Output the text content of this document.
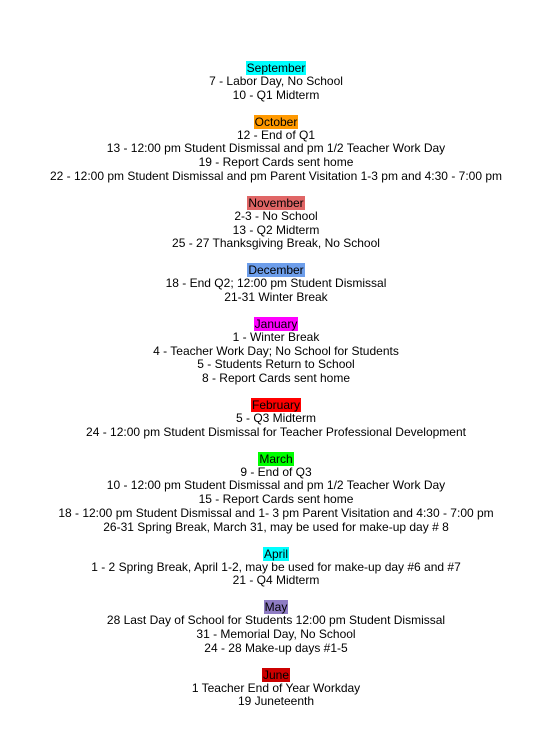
September
7 - Labor Day, No School
10 - Q1 Midterm
October
12 - End of Q1
13 - 12:00 pm Student Dismissal and pm 1/2 Teacher Work Day
19 - Report Cards sent home
22 - 12:00 pm Student Dismissal and pm Parent Visitation 1-3 pm and 4:30 - 7:00 pm
November
2-3 - No School
13 - Q2 Midterm
25 - 27 Thanksgiving Break, No School
December
18 - End Q2; 12:00 pm Student Dismissal
21-31 Winter Break
January
1 - Winter Break
4 - Teacher Work Day; No School for Students
5 - Students Return to School
8 - Report Cards sent home
February
5 - Q3 Midterm
24 - 12:00 pm Student Dismissal for Teacher Professional Development
March
9 - End of Q3
10 - 12:00 pm Student Dismissal and pm 1/2 Teacher Work Day
15 - Report Cards sent home
18 - 12:00 pm Student Dismissal and 1- 3 pm Parent Visitation and 4:30 - 7:00 pm
26-31 Spring Break, March 31, may be used for make-up day # 8
April
1 - 2 Spring Break, April 1-2, may be used for make-up day #6 and #7
21 - Q4 Midterm
May
28 Last Day of School for Students 12:00 pm Student Dismissal
31 - Memorial Day, No School
24 - 28 Make-up days #1-5
June
1 Teacher End of Year Workday
19 Juneteenth
